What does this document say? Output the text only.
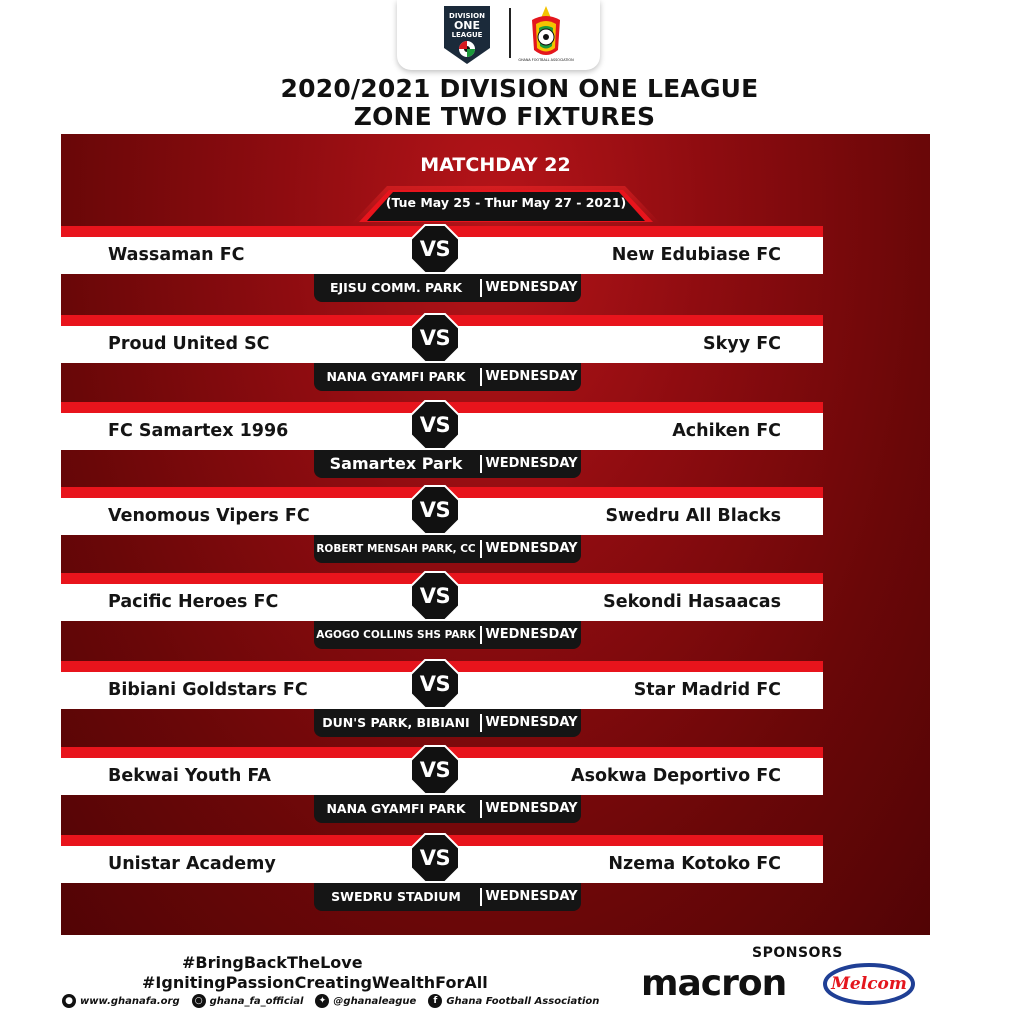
DIVISION
ONE
LEAGUE
GHANA FOOTBALL ASSOCIATION
2020/2021 DIVISION ONE LEAGUE
ZONE TWO FIXTURES
MATCHDAY 22
(Tue May 25 - Thur May 27 - 2021)
Wassaman FC	New Edubiase FC
EJISU COMM. PARK	WEDNESDAY
VS
Proud United SC	Skyy FC
NANA GYAMFI PARK	WEDNESDAY
VS
FC Samartex 1996	Achiken FC
Samartex Park	WEDNESDAY
VS
Venomous Vipers FC	Swedru All Blacks
ROBERT MENSAH PARK, CC WEDNESDAY
VS
Pacific Heroes FC	Sekondi Hasaacas
AGOGO COLLINS SHS PARK WEDNESDAY
VS
Bibiani Goldstars FC	Star Madrid FC
DUN'S PARK, BIBIANI	WEDNESDAY
VS
Bekwai Youth FA	Asokwa Deportivo FC
NANA GYAMFI PARK	WEDNESDAY
VS
Unistar Academy	Nzema Kotoko FC
SWEDRU STADIUM	WEDNESDAY
VS
#BringBackTheLove
#IgnitingPassionCreatingWealthForAll
● www.ghanafa.org	○ ghana_fa_official	✦ @ghanaleague	f Ghana Football Association
SPONSORS
macron	Melcom
